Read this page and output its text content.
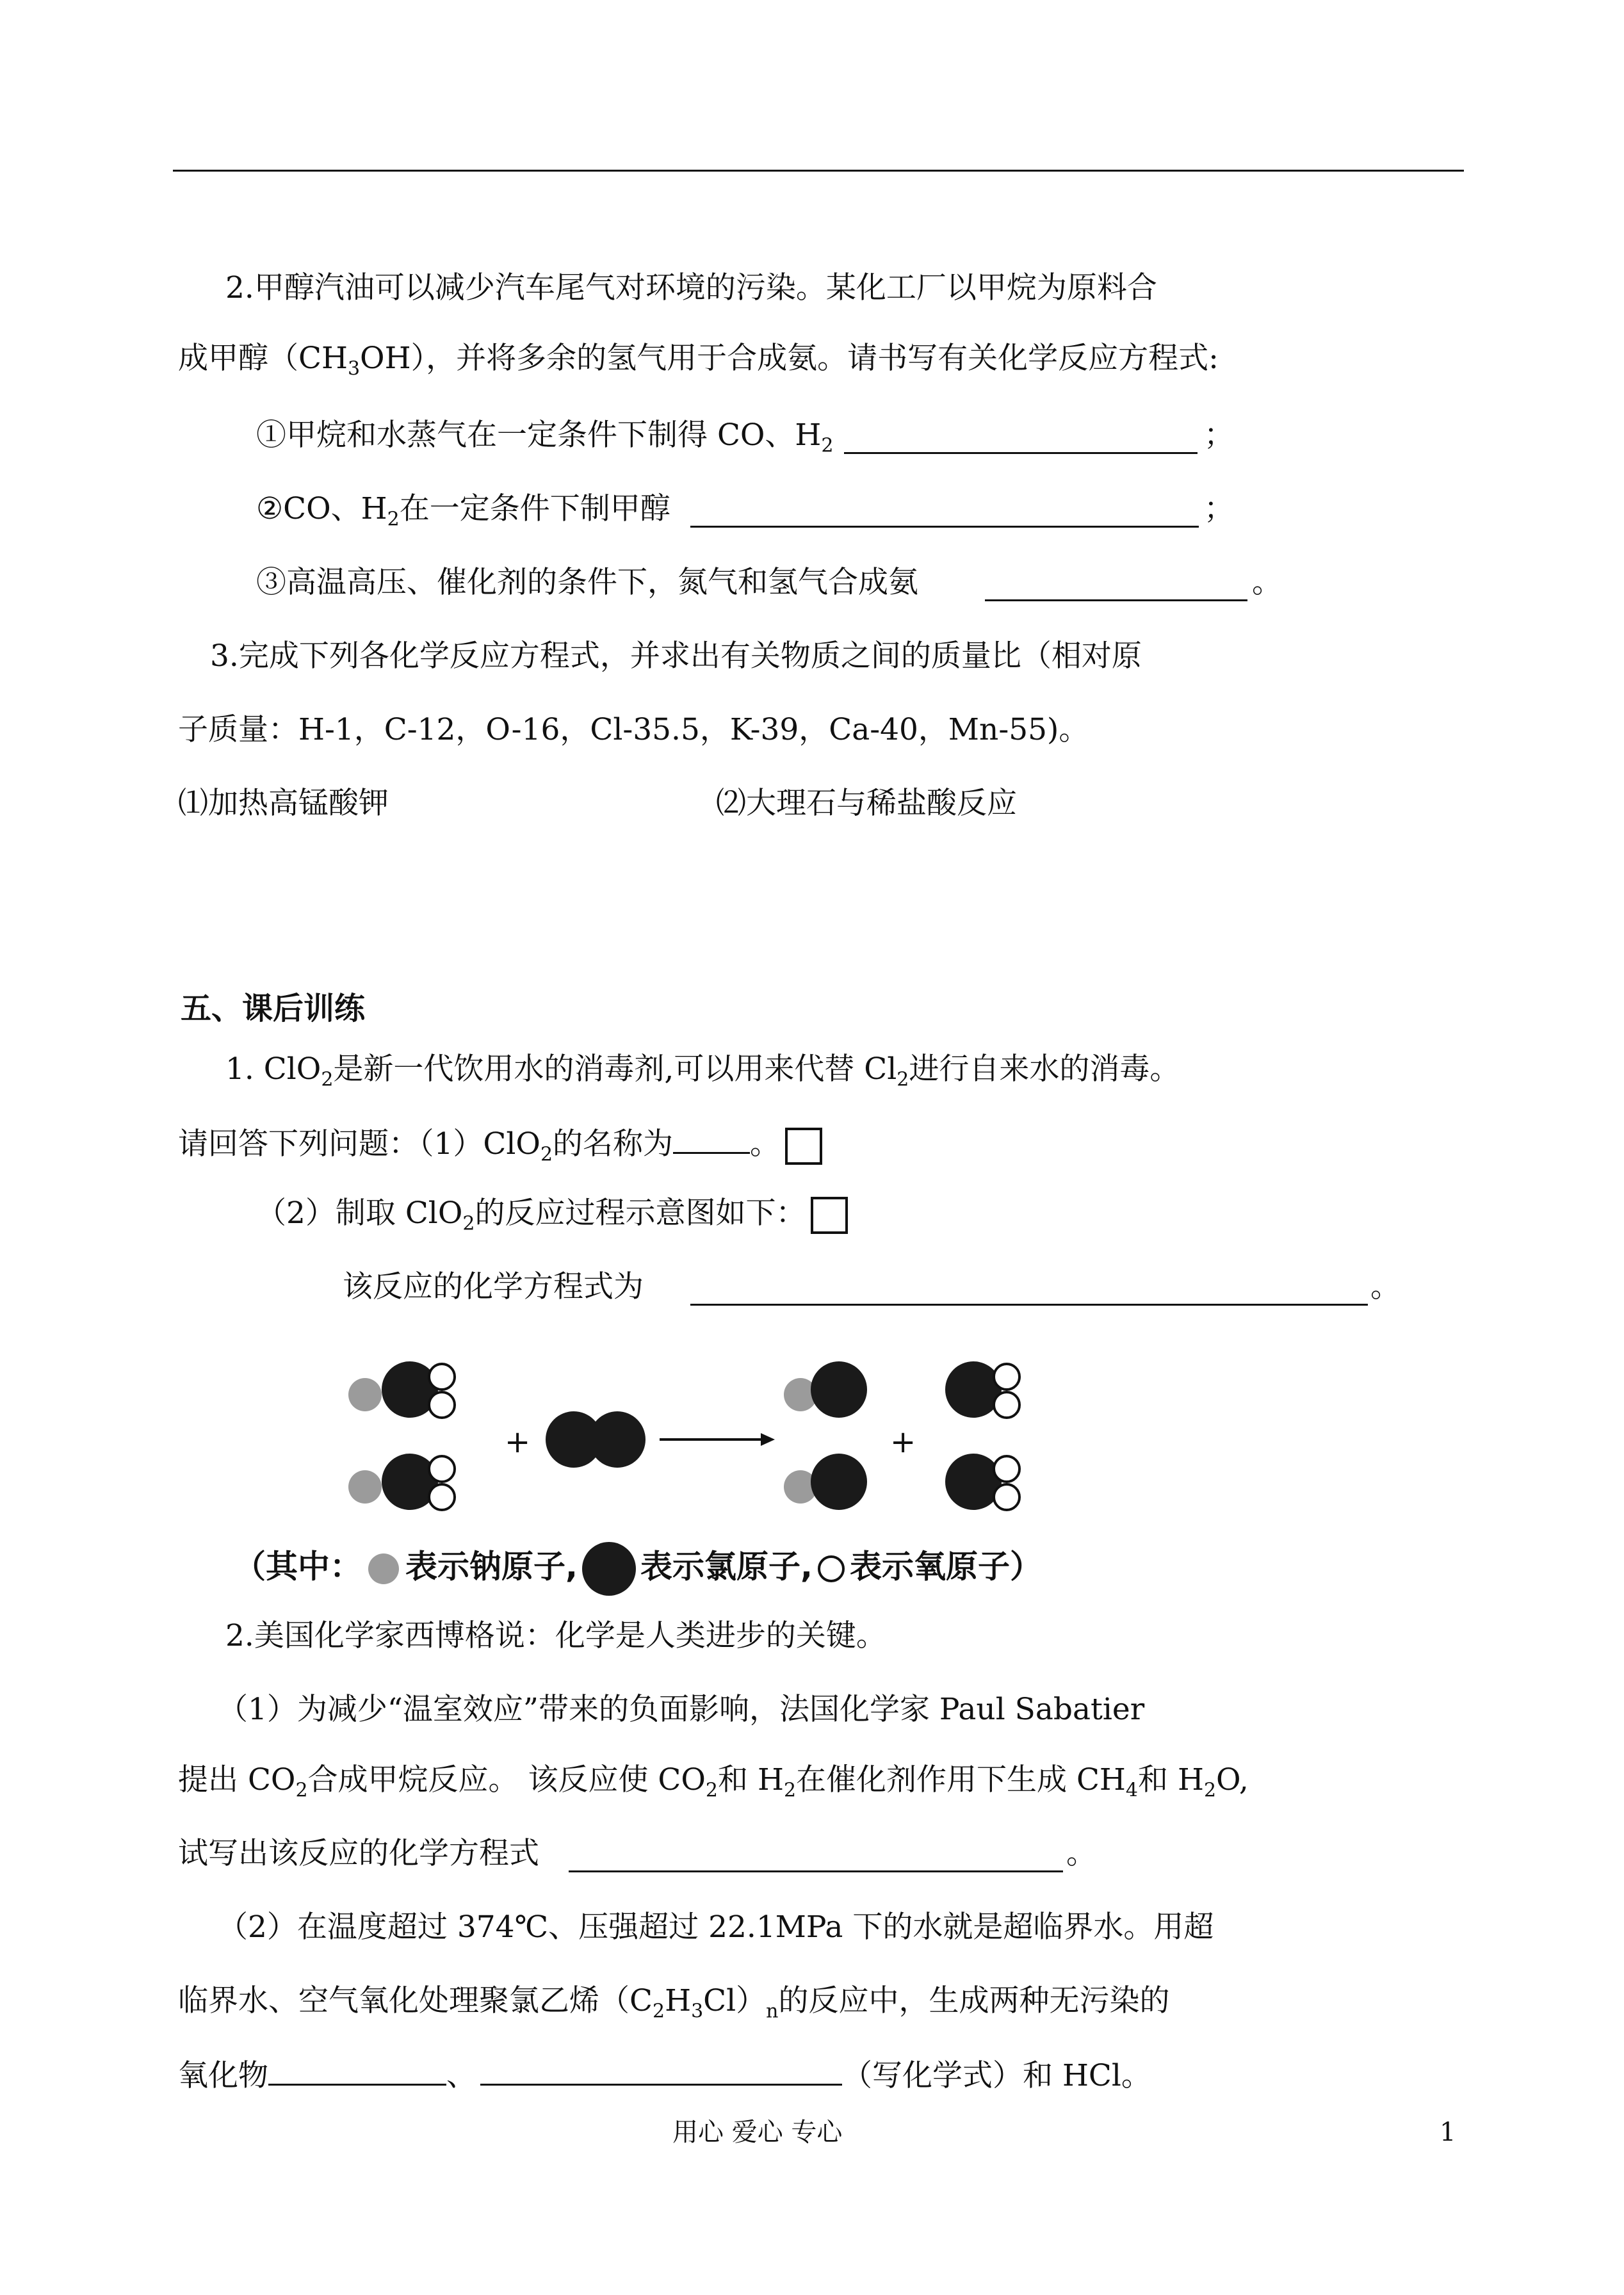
2.甲醇汽油可以减少汽车尾气对环境的污染。某化工厂以甲烷为原料合
成甲醇$(CH_3OH)$，并将多余的氢气用于合成氨。请书写有关化学反应方程式:
①甲烷和水蒸气在一定条件下制得 CO、$H_2$	；
②CO、$H_2$在一定条件下制甲醇	；
③高温高压、催化剂的条件下，氮气和氢气合成氨	。
3.完成下列各化学反应方程式，并求出有关物质之间的质量比（相对原
子质量：H-1，C-12，O-16，Cl-35.5，K-39，Ca-40，Mn-55)。
⑴加热高锰酸钾	⑵大理石与稀盐酸反应
五、课后训练
1. ClO$_2$是新一代饮用水的消毒剂,可以用来代替 $Cl_2$进行自来水的消毒。
请回答下列问题：（1）ClO$_2$的名称为	。
（2）制取 ClO$_2$的反应过程示意图如下：
该反应的化学方程式为	。
+	+
（其中： 表示钠原子, 表示氯原子, 表示氧原子）
2.美国化学家西博格说：化学是人类进步的关键。
（1）为减少“温室效应”带来的负面影响，法国化学家 Paul Sabatier
提出 $CO_2$合成甲烷反应。 该反应使 $CO_2$和 $H_2$在催化剂作用下生成 $CH_4$和 $H_2O$,
试写出该反应的化学方程式	。
（2）在温度超过 374℃、压强超过 22.1MPa 下的水就是超临界水。用超
临界水、空气氧化处理聚氯乙烯$(C_2H_3Cl)_n$的反应中，生成两种无污染的
氧化物	、	（写化学式）和 HCl。
用心 爱心 专心	1
